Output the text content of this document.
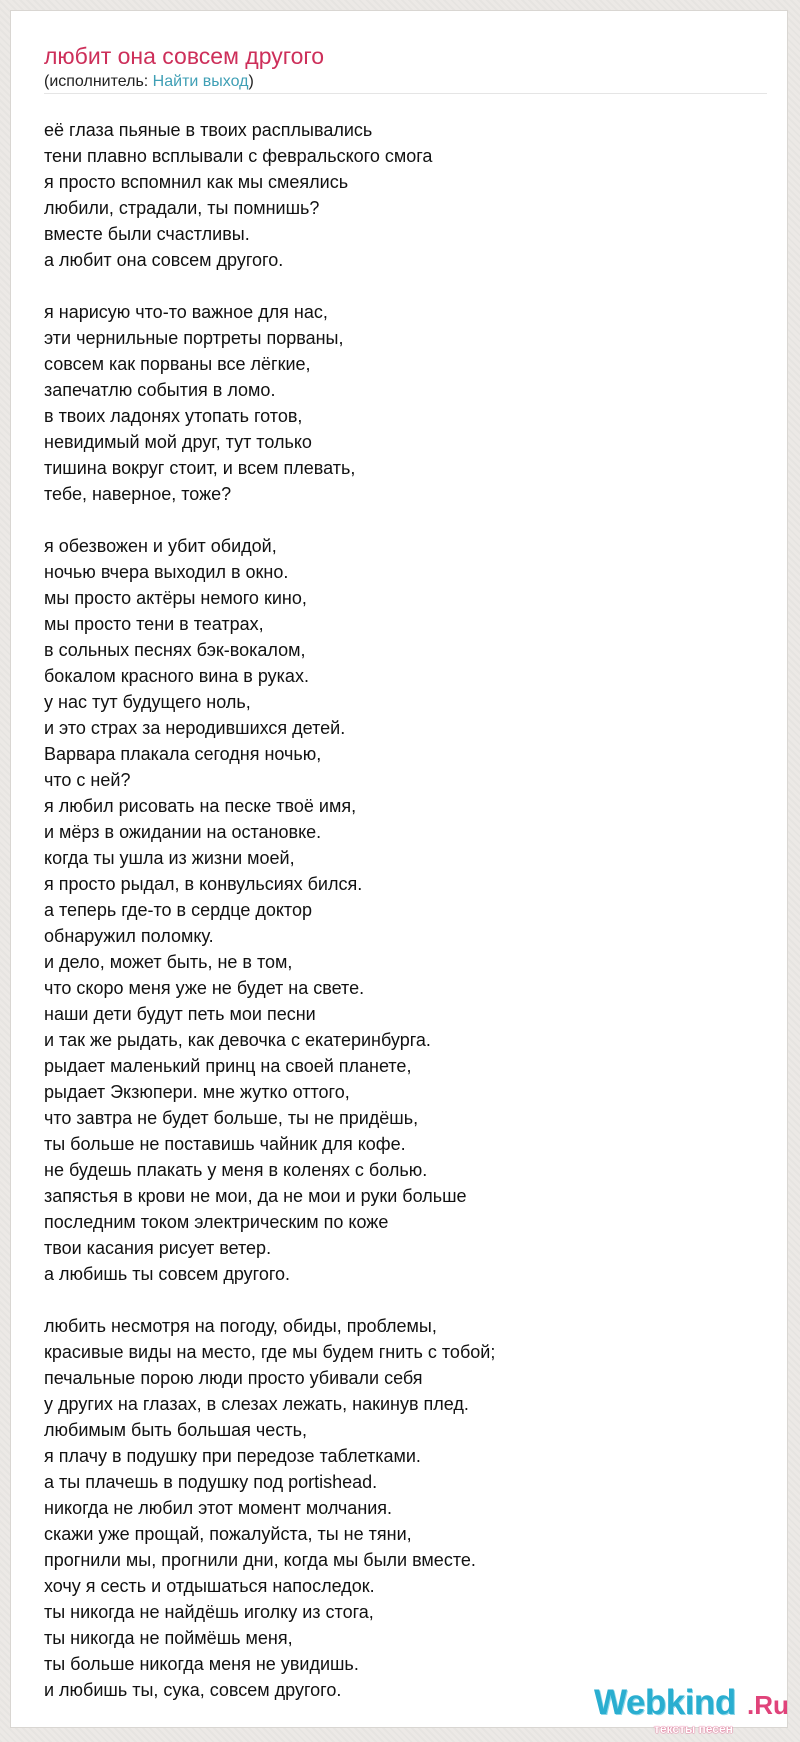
любит она совсем другого
(исполнитель: Найти выход)
её глаза пьяные в твоих расплывались
тени плавно всплывали с февральского смога
я просто вспомнил как мы смеялись
любили, страдали, ты помнишь?
вместе были счастливы.
а любит она совсем другого.
я нарисую что-то важное для нас,
эти чернильные портреты порваны,
совсем как порваны все лёгкие,
запечатлю события в ломо.
в твоих ладонях утопать готов,
невидимый мой друг, тут только
тишина вокруг стоит, и всем плевать,
тебе, наверное, тоже?
я обезвожен и убит обидой,
ночью вчера выходил в окно.
мы просто актёры немого кино,
мы просто тени в театрах,
в сольных песнях бэк-вокалом,
бокалом красного вина в руках.
у нас тут будущего ноль,
и это страх за неродившихся детей.
Варвара плакала сегодня ночью,
что с ней?
я любил рисовать на песке твоё имя,
и мёрз в ожидании на остановке.
когда ты ушла из жизни моей,
я просто рыдал, в конвульсиях бился.
а теперь где-то в сердце доктор
обнаружил поломку.
и дело, может быть, не в том,
что скоро меня уже не будет на свете.
наши дети будут петь мои песни
и так же рыдать, как девочка с екатеринбурга.
рыдает маленький принц на своей планете,
рыдает Экзюпери. мне жутко оттого,
что завтра не будет больше, ты не придёшь,
ты больше не поставишь чайник для кофе.
не будешь плакать у меня в коленях с болью.
запястья в крови не мои, да не мои и руки больше
последним током электрическим по коже
твои касания рисует ветер.
а любишь ты совсем другого.
любить несмотря на погоду, обиды, проблемы,
красивые виды на место, где мы будем гнить с тобой;
печальные порою люди просто убивали себя
у других на глазах, в слезах лежать, накинув плед.
любимым быть большая честь,
я плачу в подушку при передозе таблетками.
а ты плачешь в подушку под portishead.
никогда не любил этот момент молчания.
скажи уже прощай, пожалуйста, ты не тяни,
прогнили мы, прогнили дни, когда мы были вместе.
хочу я сесть и отдышаться напоследок.
ты никогда не найдёшь иголку из стога,
ты никогда не поймёшь меня,
ты больше никогда меня не увидишь.
и любишь ты, сука, совсем другого.	Webkind .Ru
тексты песен
